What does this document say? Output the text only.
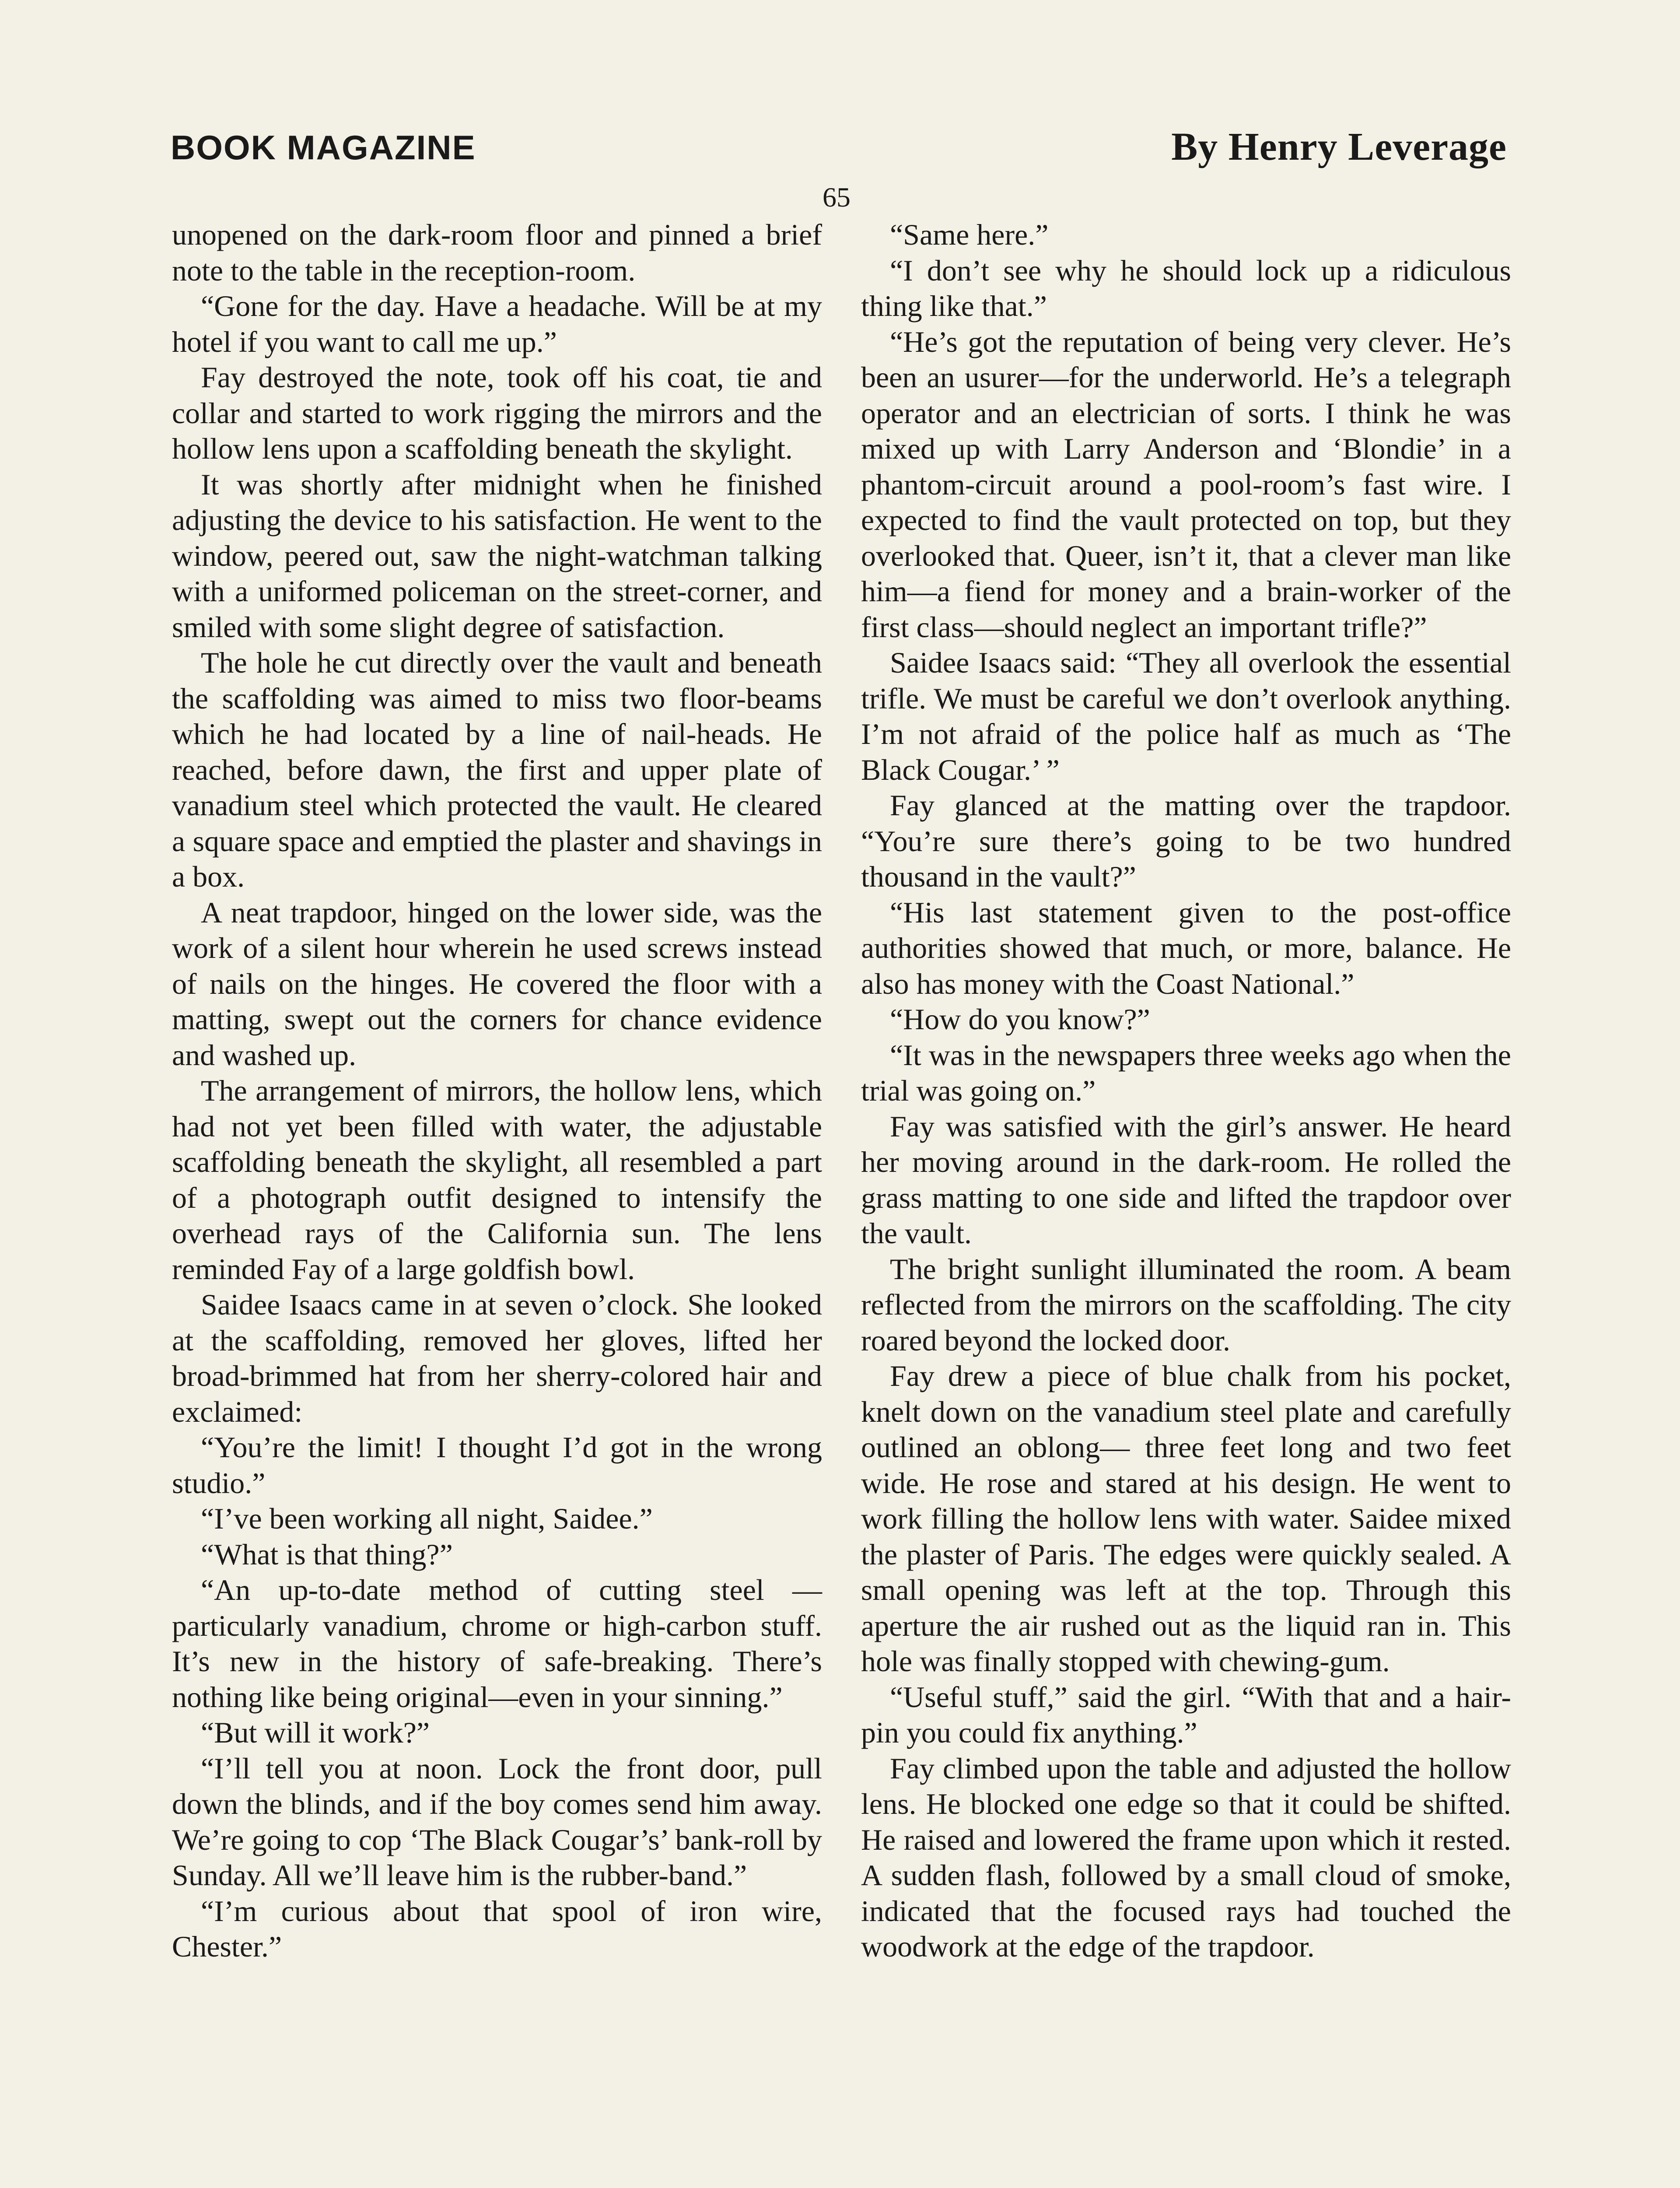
BOOK MAGAZINE	By Henry Leverage
65

unopened on the dark-room floor and pinned a brief note to the table in the reception-room.

“Gone for the day. Have a headache. Will be at my hotel if you want to call me up.”

Fay destroyed the note, took off his coat, tie and collar and started to work rigging the mirrors and the hollow lens upon a scaffolding beneath the skylight.

It was shortly after midnight when he finished adjusting the device to his satisfaction. He went to the window, peered out, saw the night-watchman talking with a uniformed policeman on the street-corner, and smiled with some slight degree of satisfaction.

The hole he cut directly over the vault and beneath the scaffolding was aimed to miss two floor-beams which he had located by a line of nail-heads. He reached, before dawn, the first and upper plate of vanadium steel which protected the vault. He cleared a square space and emptied the plaster and shavings in a box.

A neat trapdoor, hinged on the lower side, was the work of a silent hour wherein he used screws instead of nails on the hinges. He covered the floor with a matting, swept out the corners for chance evidence and washed up.

The arrangement of mirrors, the hollow lens, which had not yet been filled with water, the adjustable scaffolding beneath the skylight, all resembled a part of a photograph outfit designed to intensify the overhead rays of the California sun. The lens reminded Fay of a large goldfish bowl.

Saidee Isaacs came in at seven o’clock. She looked at the scaffolding, removed her gloves, lifted her broad-brimmed hat from her sherry-colored hair and exclaimed:

“You’re the limit! I thought I’d got in the wrong studio.”

“I’ve been working all night, Saidee.”

“What is that thing?”

“An up-to-date method of cutting steel —particularly vanadium, chrome or high-carbon stuff. It’s new in the history of safe-breaking. There’s nothing like being original—even in your sinning.”

“But will it work?”

“I’ll tell you at noon. Lock the front door, pull down the blinds, and if the boy comes send him away. We’re going to cop ‘The Black Cougar’s’ bank-roll by Sunday. All we’ll leave him is the rubber-band.”

“I’m curious about that spool of iron wire, Chester.”

“Same here.”

“I don’t see why he should lock up a ridiculous thing like that.”

“He’s got the reputation of being very clever. He’s been an usurer—for the underworld. He’s a telegraph operator and an electrician of sorts. I think he was mixed up with Larry Anderson and ‘Blondie’ in a phantom-circuit around a pool-room’s fast wire. I expected to find the vault protected on top, but they overlooked that. Queer, isn’t it, that a clever man like him—a fiend for money and a brain-worker of the first class—should neglect an important trifle?”

Saidee Isaacs said: “They all overlook the essential trifle. We must be careful we don’t overlook anything. I’m not afraid of the police half as much as ‘The Black Cougar.’ ”

Fay glanced at the matting over the trapdoor. “You’re sure there’s going to be two hundred thousand in the vault?”

“His last statement given to the post-office authorities showed that much, or more, balance. He also has money with the Coast National.”

“How do you know?”

“It was in the newspapers three weeks ago when the trial was going on.”

Fay was satisfied with the girl’s answer. He heard her moving around in the dark-room. He rolled the grass matting to one side and lifted the trapdoor over the vault.

The bright sunlight illuminated the room. A beam reflected from the mirrors on the scaffolding. The city roared beyond the locked door.

Fay drew a piece of blue chalk from his pocket, knelt down on the vanadium steel plate and carefully outlined an oblong— three feet long and two feet wide. He rose and stared at his design. He went to work filling the hollow lens with water. Saidee mixed the plaster of Paris. The edges were quickly sealed. A small opening was left at the top. Through this aperture the air rushed out as the liquid ran in. This hole was finally stopped with chewing-gum.

“Useful stuff,” said the girl. “With that and a hair-pin you could fix anything.”

Fay climbed upon the table and adjusted the hollow lens. He blocked one edge so that it could be shifted. He raised and lowered the frame upon which it rested. A sudden flash, followed by a small cloud of smoke, indicated that the focused rays had touched the woodwork at the edge of the trapdoor.
